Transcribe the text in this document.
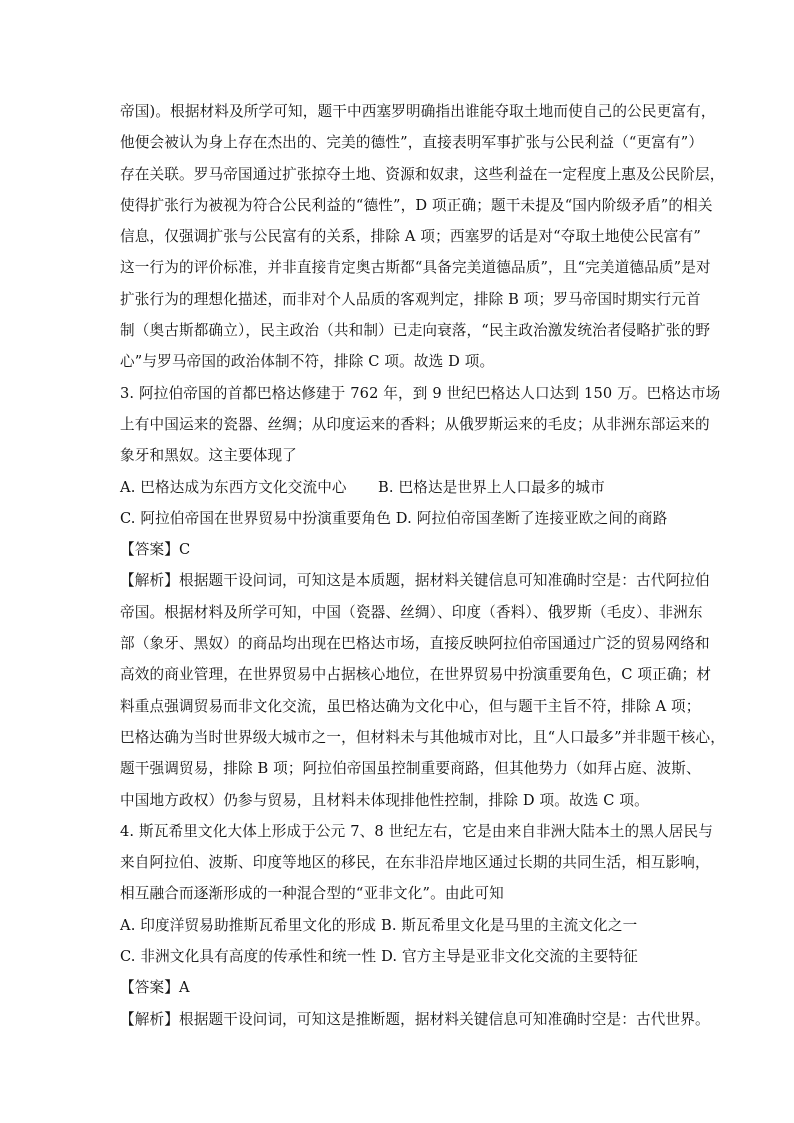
帝国)。根据材料及所学可知，题干中西塞罗明确指出谁能夺取土地而使自己的公民更富有，
他便会被认为身上存在杰出的、完美的德性”，直接表明军事扩张与公民利益（“更富有”）
存在关联。罗马帝国通过扩张掠夺土地、资源和奴隶，这些利益在一定程度上惠及公民阶层，
使得扩张行为被视为符合公民利益的“德性”，D 项正确；题干未提及“国内阶级矛盾”的相关
信息，仅强调扩张与公民富有的关系，排除 A 项；西塞罗的话是对“夺取土地使公民富有”
这一行为的评价标准，并非直接肯定奥古斯都“具备完美道德品质”，且“完美道德品质”是对
扩张行为的理想化描述，而非对个人品质的客观判定，排除 B 项；罗马帝国时期实行元首
制（奥古斯都确立），民主政治（共和制）已走向衰落，“民主政治激发统治者侵略扩张的野
心”与罗马帝国的政治体制不符，排除 C 项。故选 D 项。
3. 阿拉伯帝国的首都巴格达修建于 762 年，到 9 世纪巴格达人口达到 150 万。巴格达市场
上有中国运来的瓷器、丝绸；从印度运来的香料；从俄罗斯运来的毛皮；从非洲东部运来的
象牙和黑奴。这主要体现了
A. 巴格达成为东西方文化交流中心	B. 巴格达是世界上人口最多的城市
C. 阿拉伯帝国在世界贸易中扮演重要角色 D. 阿拉伯帝国垄断了连接亚欧之间的商路
【答案】C
【解析】根据题干设问词，可知这是本质题，据材料关键信息可知准确时空是：古代阿拉伯
帝国。根据材料及所学可知，中国（瓷器、丝绸）、印度（香料）、俄罗斯（毛皮）、非洲东
部（象牙、黑奴）的商品均出现在巴格达市场，直接反映阿拉伯帝国通过广泛的贸易网络和
高效的商业管理，在世界贸易中占据核心地位，在世界贸易中扮演重要角色，C 项正确；材
料重点强调贸易而非文化交流，虽巴格达确为文化中心，但与题干主旨不符，排除 A 项；
巴格达确为当时世界级大城市之一，但材料未与其他城市对比，且“人口最多”并非题干核心，
题干强调贸易，排除 B 项；阿拉伯帝国虽控制重要商路，但其他势力（如拜占庭、波斯、
中国地方政权）仍参与贸易，且材料未体现排他性控制，排除 D 项。故选 C 项。
4. 斯瓦希里文化大体上形成于公元 7、8 世纪左右，它是由来自非洲大陆本土的黑人居民与
来自阿拉伯、波斯、印度等地区的移民，在东非沿岸地区通过长期的共同生活，相互影响，
相互融合而逐渐形成的一种混合型的“亚非文化”。由此可知
A. 印度洋贸易助推斯瓦希里文化的形成 B. 斯瓦希里文化是马里的主流文化之一
C. 非洲文化具有高度的传承性和统一性 D. 官方主导是亚非文化交流的主要特征
【答案】A
【解析】根据题干设问词，可知这是推断题，据材料关键信息可知准确时空是：古代世界。
